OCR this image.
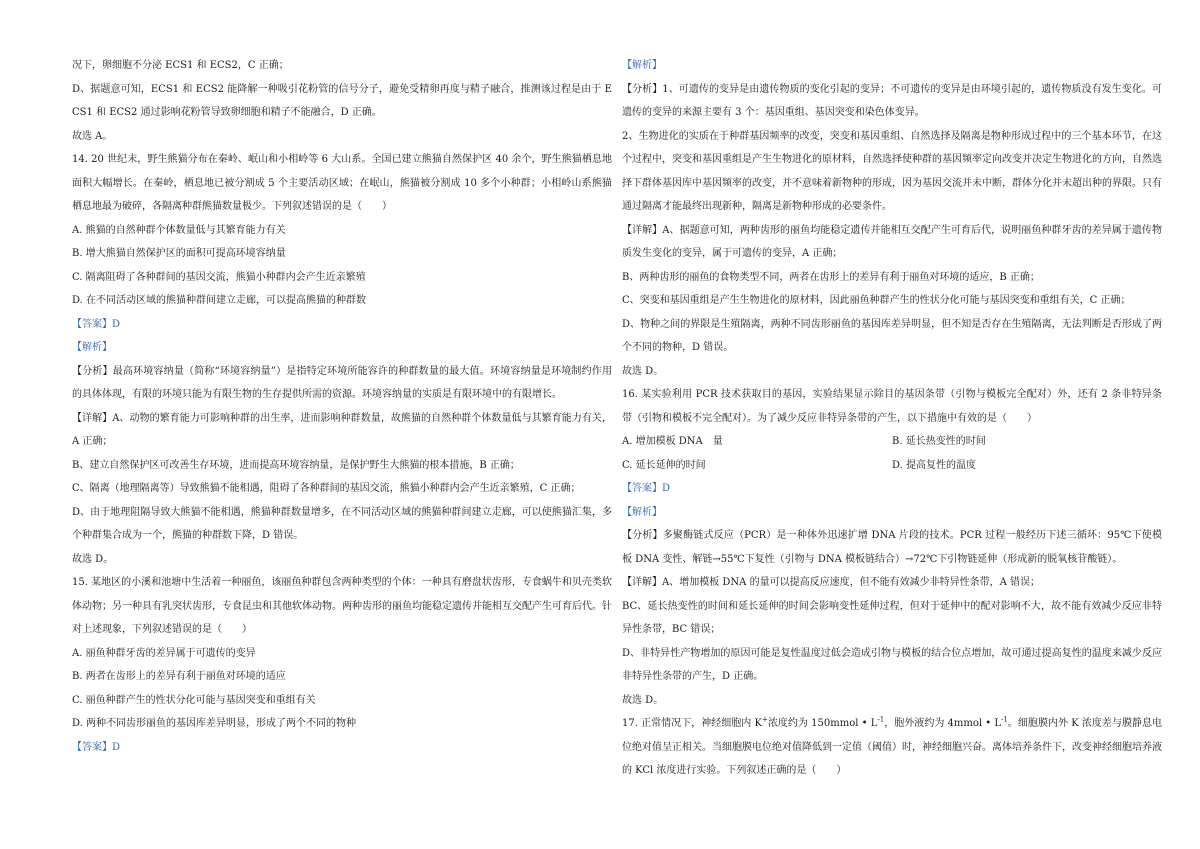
况下，卵细胞不分泌 ECS1 和 ECS2，C 正确；

D、据题意可知，ECS1 和 ECS2 能降解一种吸引花粉管的信号分子，避免受精卵再度与精子融合，推测该过程是由于 ECS1 和 ECS2 通过影响花粉管导致卵细胞和精子不能融合，D 正确。

故选 A。

14. 20 世纪末，野生熊猫分布在秦岭、岷山和小相岭等 6 大山系。全国已建立熊猫自然保护区 40 余个，野生熊猫栖息地面积大幅增长。在秦岭，栖息地已被分割成 5 个主要活动区域；在岷山，熊猫被分割成 10 多个小种群；小相岭山系熊猫栖息地最为破碎，各隔离种群熊猫数量极少。下列叙述错误的是（　　）

A. 熊猫的自然种群个体数量低与其繁育能力有关

B. 增大熊猫自然保护区的面积可提高环境容纳量

C. 隔离阻碍了各种群间的基因交流，熊猫小种群内会产生近亲繁殖

D. 在不同活动区域的熊猫种群间建立走廊，可以提高熊猫的种群数

【答案】D

【解析】

【分析】最高环境容纳量（简称“环境容纳量”）是指特定环境所能容许的种群数量的最大值。环境容纳量是环境制约作用的具体体现，有限的环境只能为有限生物的生存提供所需的资源。环境容纳量的实质是有限环境中的有限增长。

【详解】A、动物的繁育能力可影响种群的出生率，进而影响种群数量，故熊猫的自然种群个体数量低与其繁育能力有关，A 正确；

B、建立自然保护区可改善生存环境，进而提高环境容纳量，是保护野生大熊猫的根本措施，B 正确；

C、隔离（地理隔离等）导致熊猫不能相遇，阻碍了各种群间的基因交流，熊猫小种群内会产生近亲繁殖，C 正确；

D、由于地理阻隔导致大熊猫不能相遇，熊猫种群数量增多，在不同活动区域的熊猫种群间建立走廊，可以使熊猫汇集，多个种群集合成为一个，熊猫的种群数下降，D 错误。

故选 D。

15. 某地区的小溪和池塘中生活着一种丽鱼，该丽鱼种群包含两种类型的个体：一种具有磨盘状齿形，专食蜗牛和贝壳类软体动物；另一种具有乳突状齿形，专食昆虫和其他软体动物。两种齿形的丽鱼均能稳定遗传并能相互交配产生可育后代。针对上述现象，下列叙述错误的是（　　）

A. 丽鱼种群牙齿的差异属于可遗传的变异

B. 两者在齿形上的差异有利于丽鱼对环境的适应

C. 丽鱼种群产生的性状分化可能与基因突变和重组有关

D. 两种不同齿形丽鱼的基因库差异明显，形成了两个不同的物种

【答案】D

【解析】

【分析】1、可遗传的变异是由遗传物质的变化引起的变异；不可遗传的变异是由环境引起的，遗传物质没有发生变化。可遗传的变异的来源主要有 3 个：基因重组、基因突变和染色体变异。

2、生物进化的实质在于种群基因频率的改变，突变和基因重组、自然选择及隔离是物种形成过程中的三个基本环节，在这个过程中，突变和基因重组是产生生物进化的原材料，自然选择使种群的基因频率定向改变并决定生物进化的方向，自然选择下群体基因库中基因频率的改变，并不意味着新物种的形成，因为基因交流并未中断，群体分化并未超出种的界限。只有通过隔离才能最终出现新种，隔离是新物种形成的必要条件。

【详解】A、据题意可知，两种齿形的丽鱼均能稳定遗传并能相互交配产生可育后代，说明丽鱼种群牙齿的差异属于遗传物质发生变化的变异，属于可遗传的变异，A 正确；

B、两种齿形的丽鱼的食物类型不同，两者在齿形上的差异有利于丽鱼对环境的适应，B 正确；

C、突变和基因重组是产生生物进化的原材料，因此丽鱼种群产生的性状分化可能与基因突变和重组有关，C 正确；

D、物种之间的界限是生殖隔离，两种不同齿形丽鱼的基因库差异明显，但不知是否存在生殖隔离，无法判断是否形成了两个不同的物种，D 错误。

故选 D。

16. 某实验利用 PCR 技术获取目的基因，实验结果显示除目的基因条带（引物与模板完全配对）外，还有 2 条非特异条带（引物和模板不完全配对）。为了减少反应非特异条带的产生，以下措施中有效的是（　　）

A. 增加模板 DNA　量	B. 延长热变性的时间

C. 延长延伸的时间	D. 提高复性的温度

【答案】D

【解析】

【分析】多聚酶链式反应（PCR）是一种体外迅速扩增 DNA 片段的技术。PCR 过程一般经历下述三循环：95℃下使模板 DNA 变性、解链→55℃下复性（引物与 DNA 模板链结合）→72℃下引物链延伸（形成新的脱氧核苷酸链）。

【详解】A、增加模板 DNA 的量可以提高反应速度，但不能有效减少非特异性条带，A 错误；

BC、延长热变性的时间和延长延伸的时间会影响变性延伸过程，但对于延伸中的配对影响不大，故不能有效减少反应非特异性条带，BC 错误；

D、非特异性产物增加的原因可能是复性温度过低会造成引物与模板的结合位点增加，故可通过提高复性的温度来减少反应非特异性条带的产生，D 正确。

故选 D。

17. 正常情况下，神经细胞内 K+浓度约为 150mmol • $L^{-1}$，胞外液约为 4mmol • $L^{-1}$。细胞膜内外 K 浓度差与膜静息电位绝对值呈正相关。当细胞膜电位绝对值降低到一定值（阈值）时，神经细胞兴奋。离体培养条件下，改变神经细胞培养液的 KCl 浓度进行实验。下列叙述正确的是（　　）
